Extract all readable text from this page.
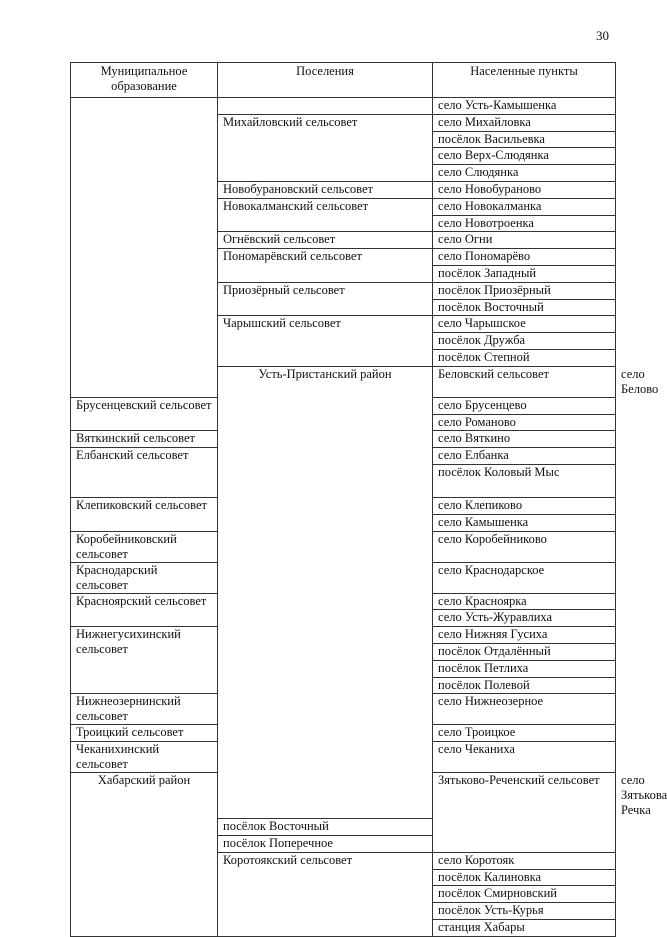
30
Муниципальное образование	Поселения	Населенные пункты	
		село Усть-Камышенка	
	Михайловский сельсовет	село Михайловка	
		посёлок Васильевка	
		село Верх-Слюдянка	
		село Слюдянка	
	Новобурановский сельсовет	село Новобураново	
	Новокалманский сельсовет	село Новокалманка	
		село Новотроенка	
	Огнёвский сельсовет	село Огни	
	Пономарёвский сельсовет	село Пономарёво	
		посёлок Западный	
	Приозёрный сельсовет	посёлок Приозёрный	
		посёлок Восточный	
	Чарышский сельсовет	село Чарышское	
		посёлок Дружба	
		посёлок Степной	
	Усть-Пристанский район	Беловский сельсовет	село Белово
Брусенцевский сельсовет		село Брусенцево	
		село Романово	
Вяткинский сельсовет		село Вяткино	
Елбанский сельсовет		село Елбанка	
		посёлок Коловый Мыс	
Клепиковский сельсовет		село Клепиково	
		село Камышенка	
Коробейниковский сельсовет		село Коробейниково	
Краснодарский сельсовет		село Краснодарское	
Красноярский сельсовет		село Красноярка	
		село Усть-Журавлиха	
Нижнегусихинский сельсовет		село Нижняя Гусиха	
		посёлок Отдалённый	
		посёлок Петлиха	
		посёлок Полевой	
Нижнеозернинский сельсовет		село Нижнеозерное	
Троицкий сельсовет		село Троицкое	
Чеканихинский сельсовет		село Чеканиха	
Хабарский район		Зятьково-Реченский сельсовет	село Зятькова Речка
	посёлок Восточный		
	посёлок Поперечное		
	Коротоякский сельсовет	село Коротояк	
		посёлок Калиновка	
		посёлок Смирновский	
		посёлок Усть-Курья	
		станция Хабары	
